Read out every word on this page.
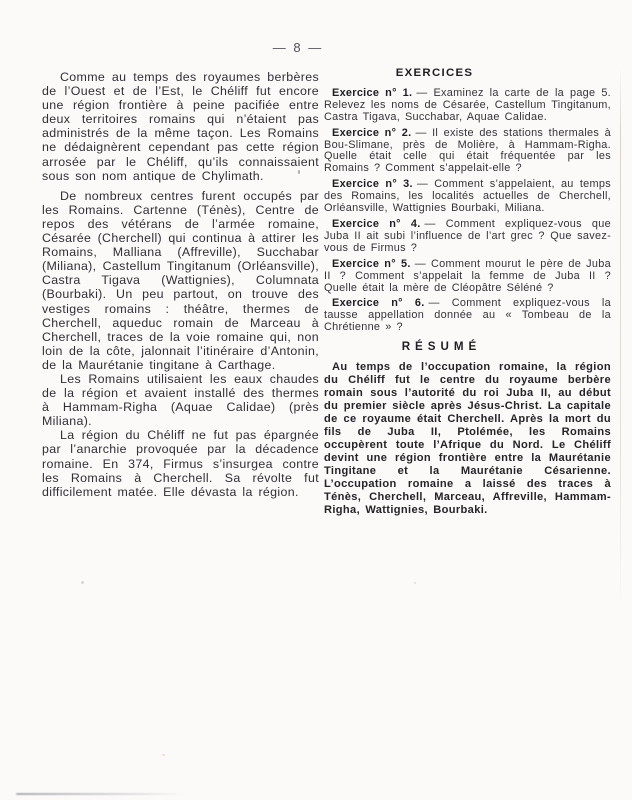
— 8 —

Comme au temps des royaumes berbères de l’Ouest et de l’Est, le Chéliff fut encore une région frontière à peine pacifiée entre deux territoires romains qui n’étaient pas administrés de la même taçon. Les Romains ne dédaignèrent cependant pas cette région arrosée par le Chéliff, qu’ils connaissaient sous son nom antique de Chylimath.

De nombreux centres furent occupés par les Romains. Cartenne (Ténès), Centre de repos des vétérans de l’armée romaine, Césarée (Cherchell) qui continua à attirer les Romains, Malliana (Affreville), Succhabar (Miliana), Castellum Tingitanum (Orléansville), Castra Tigava (Wattignies), Columnata (Bourbaki). Un peu partout, on trouve des vestiges romains : théâtre, thermes de Cherchell, aqueduc romain de Marceau à Cherchell, traces de la voie romaine qui, non loin de la côte, jalonnait l’itinéraire d’Antonin, de la Maurétanie tingitane à Carthage.

Les Romains utilisaient les eaux chaudes de la région et avaient installé des thermes à Hammam-Righa (Aquae Calidae) (près Miliana).

La région du Chéliff ne fut pas épargnée par l’anarchie provoquée par la décadence romaine. En 374, Firmus s’insurgea contre les Romains à Cherchell. Sa révolte fut difficilement matée. Elle dévasta la région.

EXERCICES

Exercice n° 1. — Examinez la carte de la page 5. Relevez les noms de Césarée, Castellum Tingitanum, Castra Tigava, Succhabar, Aquae Calidae.

Exercice n° 2. — Il existe des stations thermales à Bou-Slimane, près de Molière, à Hammam-Righa. Quelle était celle qui était fréquentée par les Romains ? Comment s’appelait-elle ?

Exercice n° 3. — Comment s’appelaient, au temps des Romains, les localités actuelles de Cherchell, Orléansville, Wattignies Bourbaki, Miliana.

Exercice n° 4. — Comment expliquez-vous que Juba II ait subi l’influence de l’art grec ? Que savez-vous de Firmus ?

Exercice n° 5. — Comment mourut le père de Juba II ? Comment s’appelait la femme de Juba II ? Quelle était la mère de Cléopâtre Séléné ?

Exercice n° 6. — Comment expliquez-vous la tausse appellation donnée au « Tombeau de la Chrétienne » ?

RÉSUMÉ

Au temps de l’occupation romaine, la région du Chéliff fut le centre du royaume berbère romain sous l’autorité du roi Juba II, au début du premier siècle après Jésus-Christ. La capitale de ce royaume était Cherchell. Après la mort du fils de Juba II, Ptolémée, les Romains occupèrent toute l’Afrique du Nord. Le Chéliff devint une région frontière entre la Maurétanie Tingitane et la Maurétanie Césarienne. L’occupation romaine a laissé des traces à Ténès, Cherchell, Marceau, Affreville, Hammam-Righa, Wattignies, Bourbaki.
